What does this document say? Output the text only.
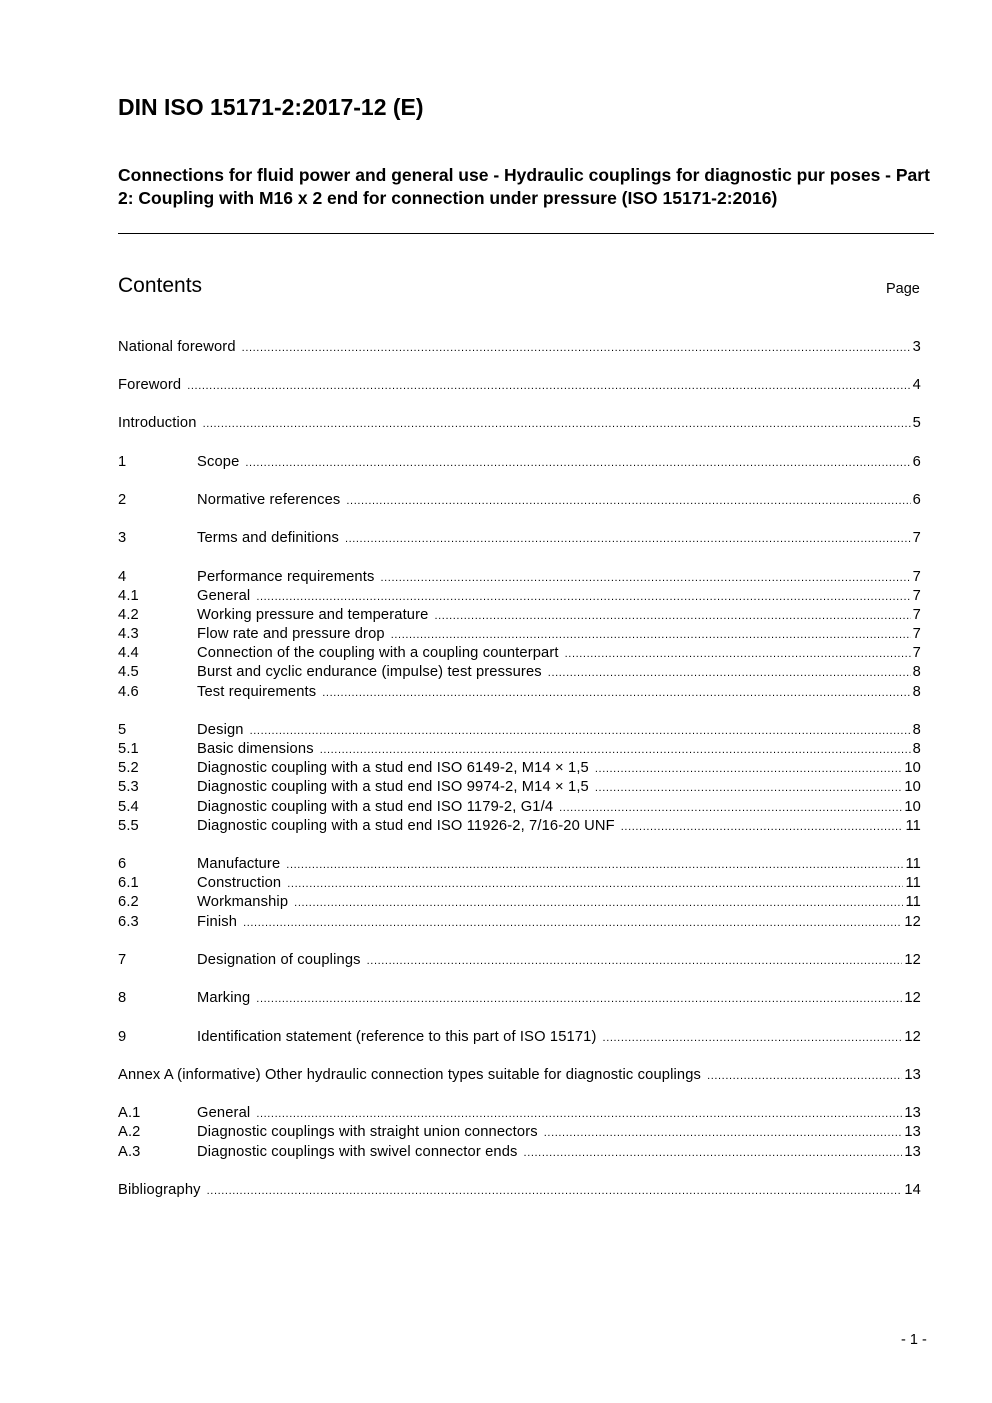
DIN ISO 15171-2:2017-12 (E)

Connections for fluid power and general use - Hydraulic couplings for diagnostic pur poses - Part 2: Coupling with M16 x 2 end for connection under pressure (ISO 15171-2:2016)

Contents	Page
National foreword .....	3
Foreword .....	4
Introduction .....	5
1	Scope .....	6
2	Normative references .....	6
3	Terms and definitions .....	7
4	Performance requirements .....	7
4.1	General .....	7
4.2	Working pressure and temperature .....	7
4.3	Flow rate and pressure drop .....	7
4.4	Connection of the coupling with a coupling counterpart .....	7
4.5	Burst and cyclic endurance (impulse) test pressures .....	8
4.6	Test requirements .....	8
5	Design .....	8
5.1	Basic dimensions .....	8
5.2	Diagnostic coupling with a stud end ISO 6149-2, M14 × 1,5 .....	10
5.3	Diagnostic coupling with a stud end ISO 9974-2, M14 × 1,5 .....	10
5.4	Diagnostic coupling with a stud end ISO 1179-2, G1/4 .....	10
5.5	Diagnostic coupling with a stud end ISO 11926-2, 7/16-20 UNF .....	11
6	Manufacture .....	11
6.1	Construction .....	11
6.2	Workmanship .....	11
6.3	Finish .....	12
7	Designation of couplings .....	12
8	Marking .....	12
9	Identification statement (reference to this part of ISO 15171) .....	12
Annex A (informative) Other hydraulic connection types suitable for diagnostic couplings .....	13
A.1	General .....	13
A.2	Diagnostic couplings with straight union connectors .....	13
A.3	Diagnostic couplings with swivel connector ends .....	13
Bibliography .....	14
- 1 -
